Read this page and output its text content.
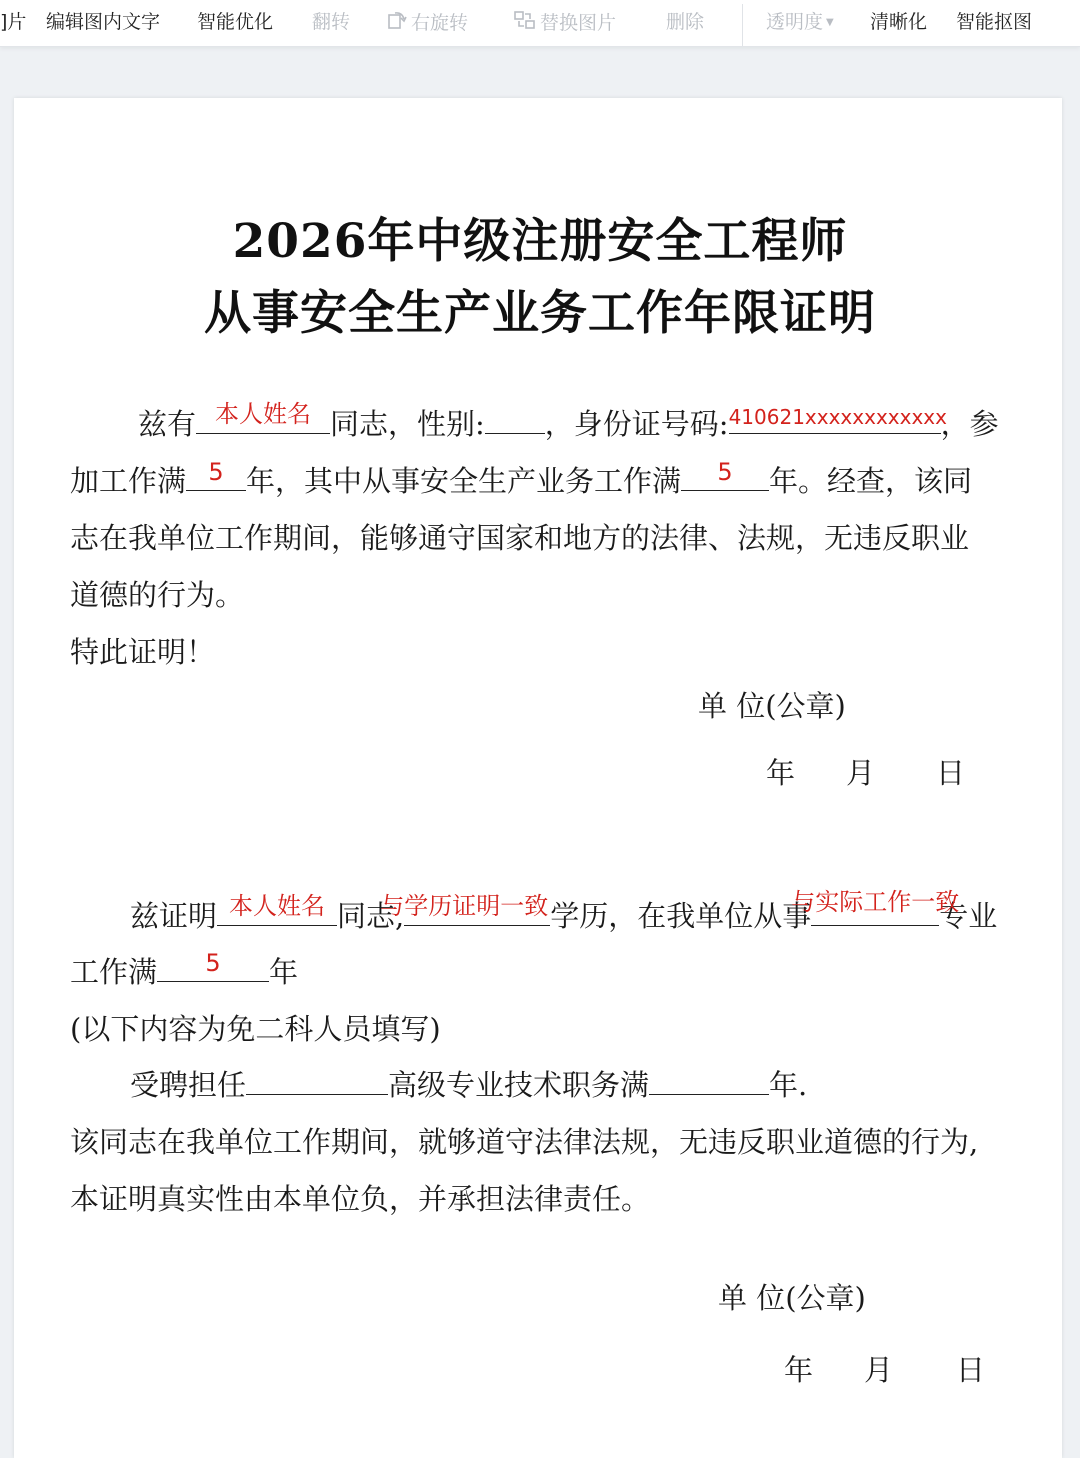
]片 编辑图内文字 智能优化 翻转	右旋转	替换图片	删除	透明度 ▼ 清晰化 智能抠图
2026年中级注册安全工程师
从事安全生产业务工作年限证明
兹有 本人姓名 同志，性别: ，身份证号码: 410621xxxxxxxxxxxx
，参
加工作满 5 年，其中从事安全生产业务工作满	5	年。经查，该同
志在我单位工作期间，能够通守国家和地方的法律、法规，无违反职业
道德的行为。
特此证明！
单 位(公章)
年 月 日
兹证明 本人姓名 同志,
与学历证明一致 学历，在我单位从事
与实际工作一致
专业
工作满	5	年
(以下内容为免二科人员填写)
受聘担任	高级专业技术职务满	年.
该同志在我单位工作期间，就够道守法律法规，无违反职业道德的行为,
本证明真实性由本单位负，并承担法律责任。
单 位(公章)
年 月 日
